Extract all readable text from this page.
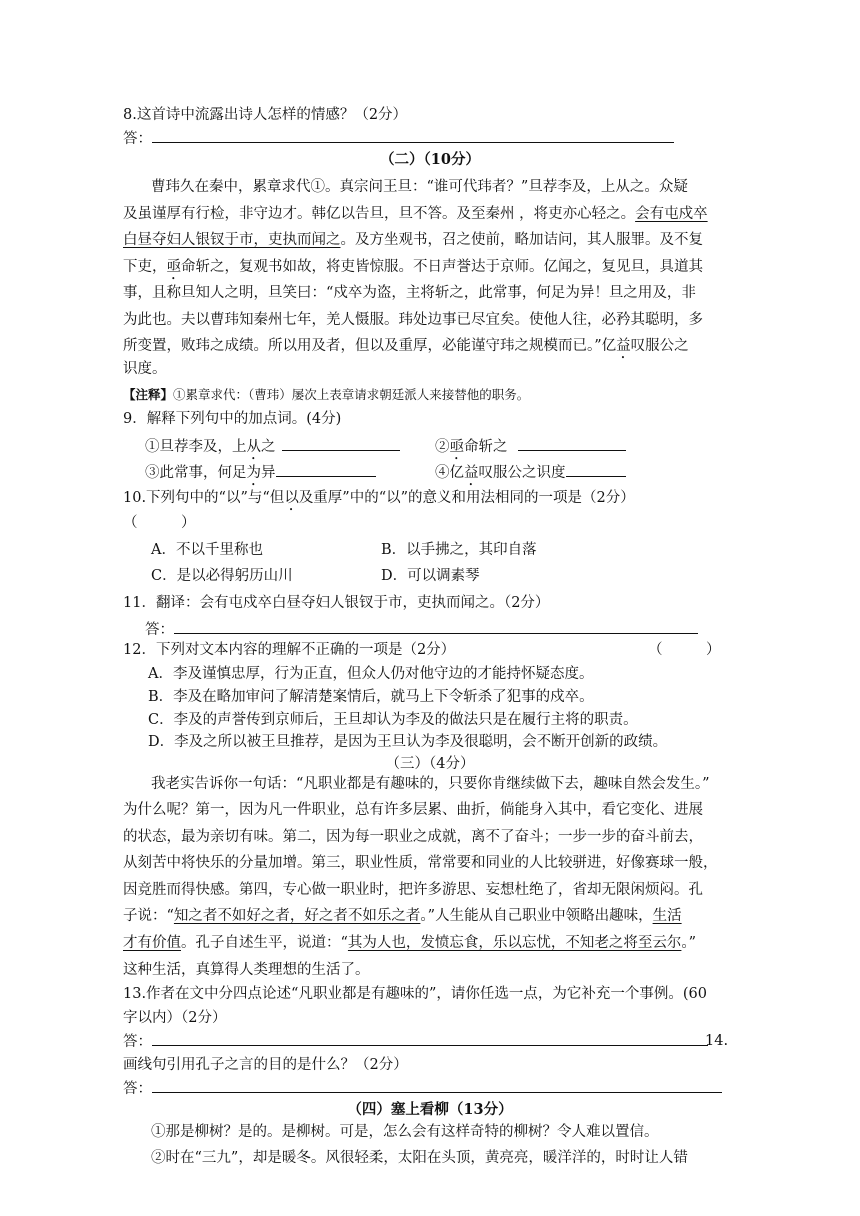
8.这首诗中流露出诗人怎样的情感？（2分）
答：
（二）（10分）
曹玮久在秦中，累章求代①。真宗问王旦：“谁可代玮者？”旦荐李及，上从之。众疑
及虽谨厚有行检，非守边才。韩亿以告旦，旦不答。及至秦州 ，将吏亦心轻之。会有屯戍卒
白昼夺妇人银钗于市，吏执而闻之。及方坐观书，召之使前，略加诘问，其人服罪。及不复
下吏，亟命斩之，复观书如故，将吏皆惊服。不日声誉达于京师。亿闻之，复见旦，具道其
事，且称旦知人之明，旦笑曰：“戍卒为盗，主将斩之，此常事，何足为异！旦之用及，非
为此也。夫以曹玮知秦州七年，羌人慑服。玮处边事已尽宜矣。使他人往，必矜其聪明，多
所变置，败玮之成绩。所以用及者，但以及重厚，必能谨守玮之规模而已。”亿益叹服公之
识度。
【注释】①累章求代：（曹玮）屡次上表章请求朝廷派人来接替他的职务。
9．解释下列句中的加点词。(4分)
①旦荐李及，上从之	②亟命斩之
③此常事，何足为异	④亿益叹服公之识度
10.下列句中的“以”与“但以及重厚”中的“以”的意义和用法相同的一项是（2分）
（　　　）
A．不以千里称也	B．以手拂之，其印自落
C．是以必得躬历山川	D．可以调素琴
11．翻译：会有屯戍卒白昼夺妇人银钗于市，吏执而闻之。（2分）
答：
12．下列对文本内容的理解不正确的一项是（2分）	（　　　）
A．李及谨慎忠厚，行为正直，但众人仍对他守边的才能持怀疑态度。
B．李及在略加审问了解清楚案情后，就马上下令斩杀了犯事的戍卒。
C．李及的声誉传到京师后，王旦却认为李及的做法只是在履行主将的职责。
D．李及之所以被王旦推荐，是因为王旦认为李及很聪明，会不断开创新的政绩。
（三）（4分）
我老实告诉你一句话：“凡职业都是有趣味的，只要你肯继续做下去，趣味自然会发生。”
为什么呢？第一，因为凡一件职业，总有许多层累、曲折，倘能身入其中，看它变化、进展
的状态，最为亲切有味。第二，因为每一职业之成就，离不了奋斗；一步一步的奋斗前去，
从刻苦中将快乐的分量加增。第三，职业性质，常常要和同业的人比较骈进，好像赛球一般，
因竞胜而得快感。第四，专心做一职业时，把许多游思、妄想杜绝了，省却无限闲烦闷。孔
子说：“知之者不如好之者，好之者不如乐之者。”人生能从自己职业中领略出趣味，生活
才有价值。孔子自述生平，说道：“其为人也，发愤忘食，乐以忘忧，不知老之将至云尔。”
这种生活，真算得人类理想的生活了。
13.作者在文中分四点论述“凡职业都是有趣味的”，请你任选一点，为它补充一个事例。(60
字以内）（2分）
答：	14.
画线句引用孔子之言的目的是什么？（2分）
答：
（四）塞上看柳（13分）
①那是柳树？是的。是柳树。可是，怎么会有这样奇特的柳树？令人难以置信。
②时在“三九”，却是暖冬。风很轻柔，太阳在头顶，黄亮亮，暖洋洋的，时时让人错
